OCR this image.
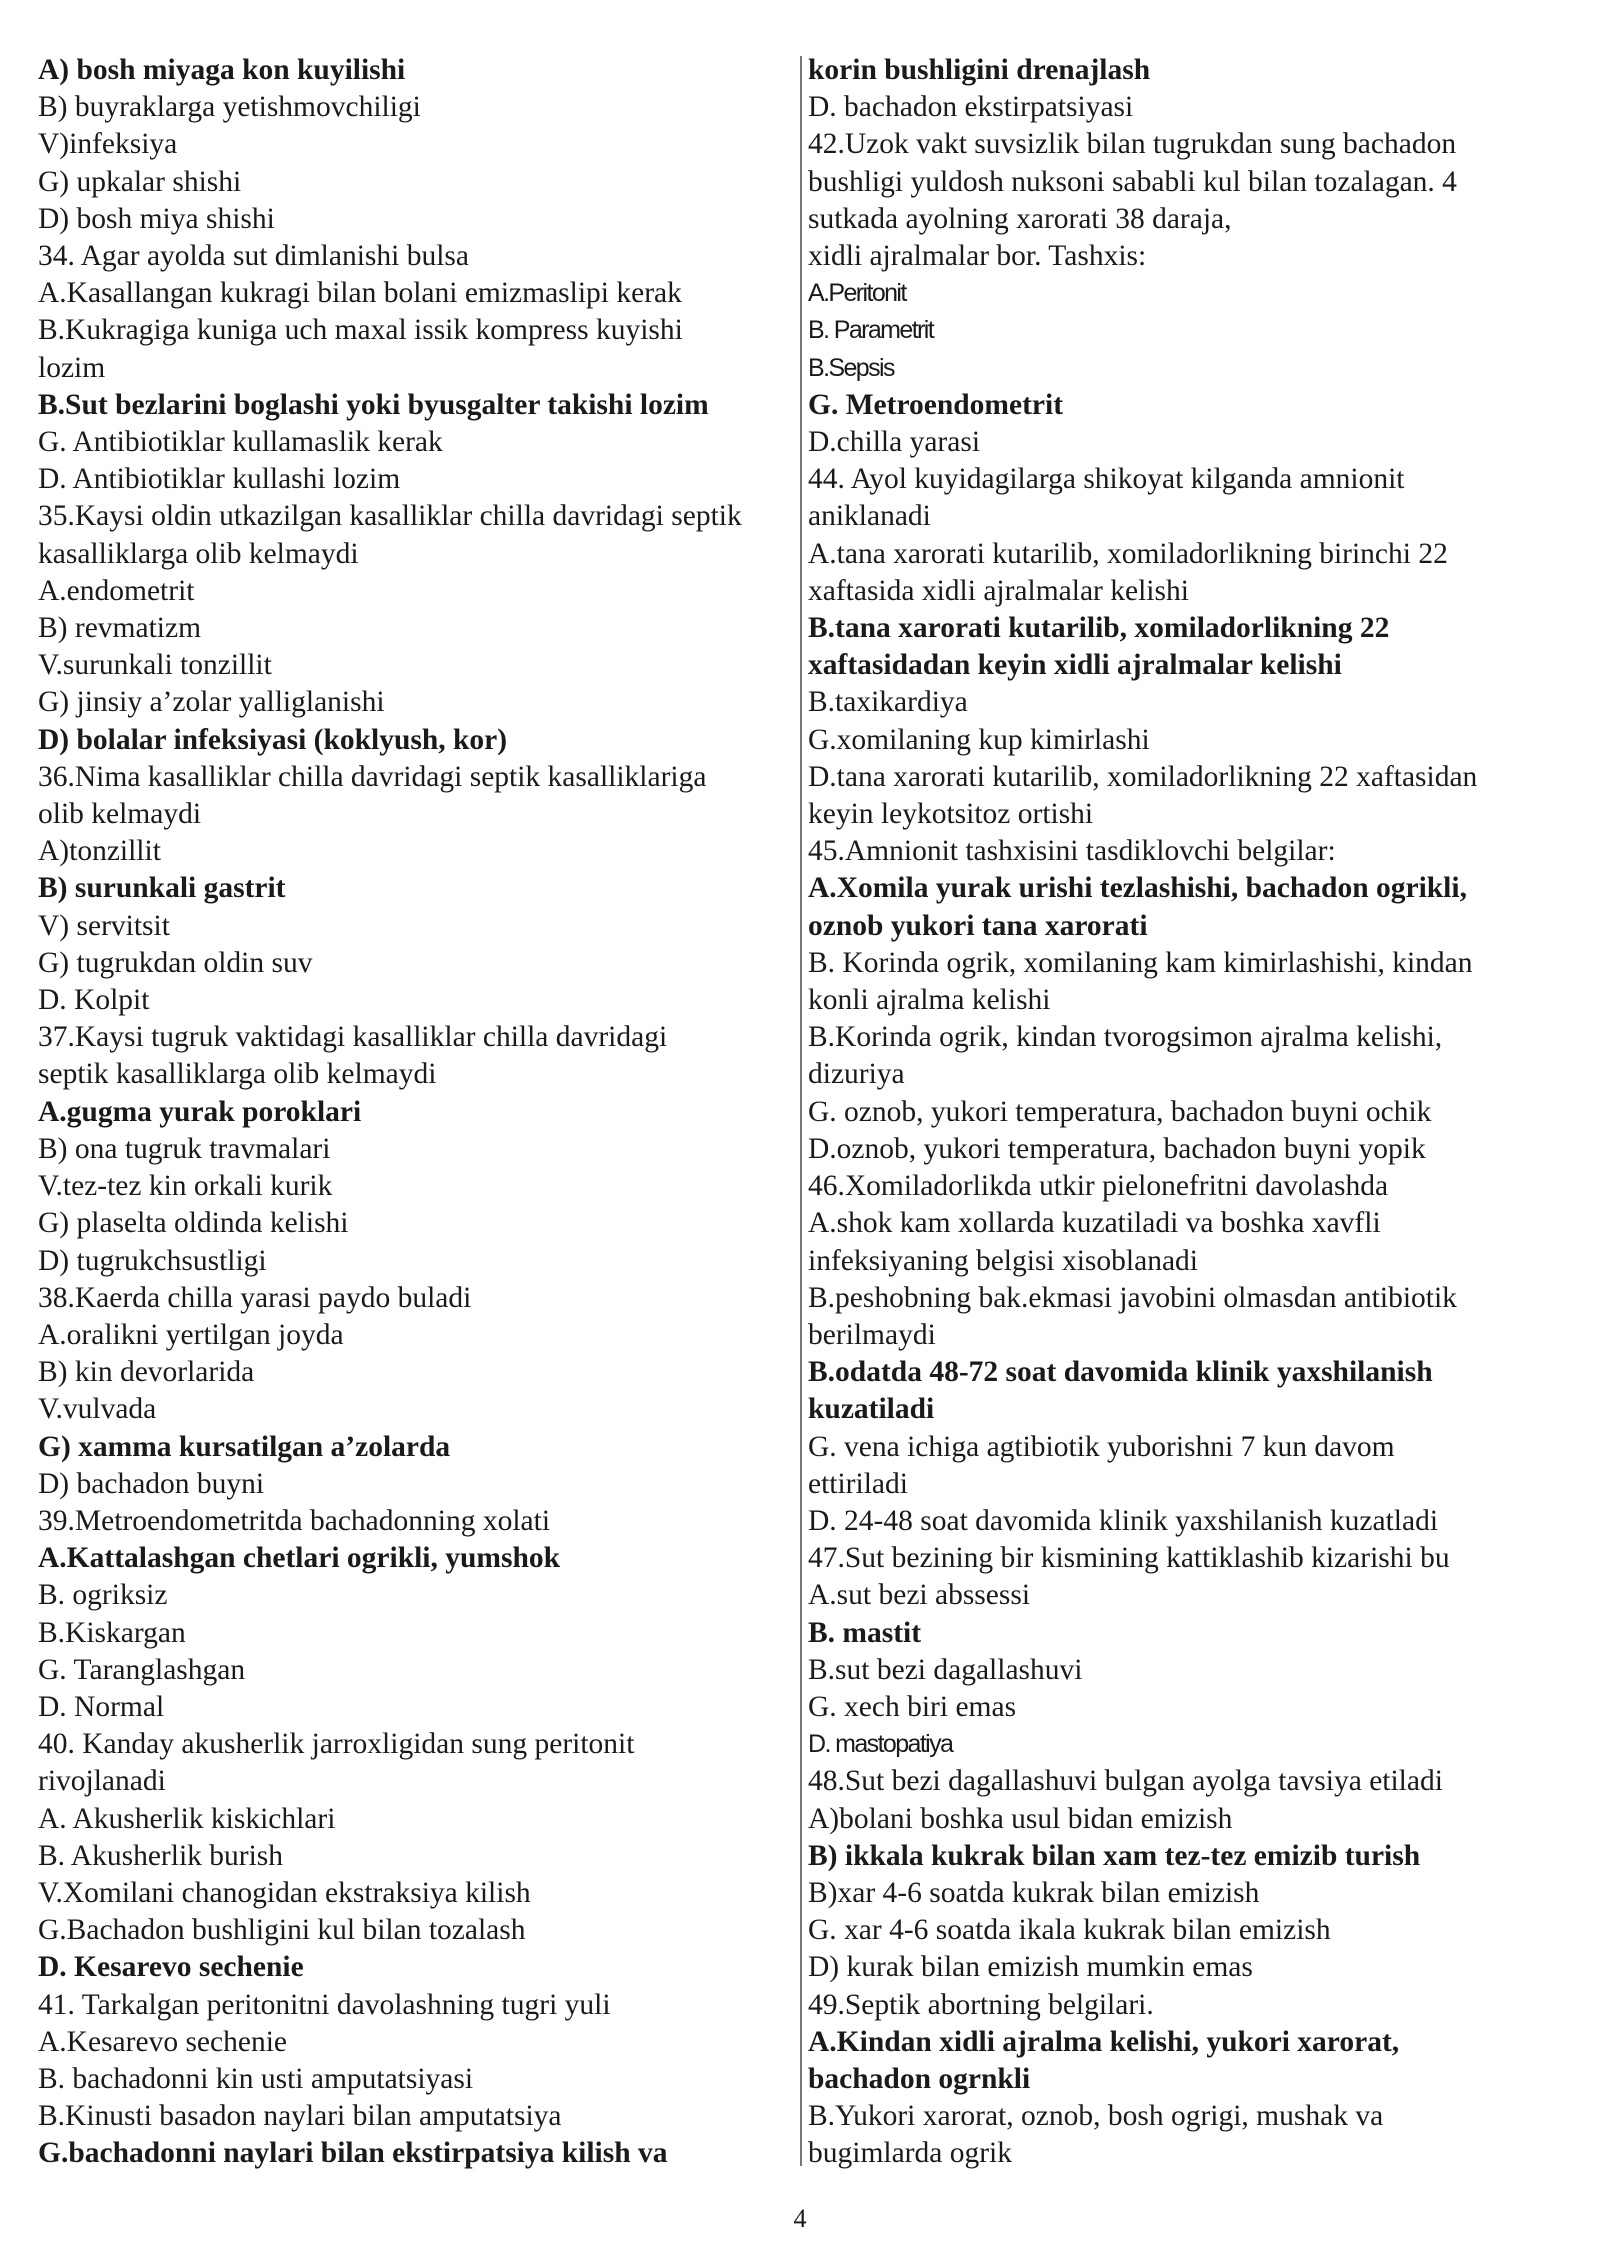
A) bosh miyaga kon kuyilishi
B) buyraklarga yetishmovchiligi
V)infeksiya
G) upkalar shishi
D) bosh miya shishi
34. Agar ayolda sut dimlanishi bulsa
A.Kasallangan kukragi bilan bolani emizmaslipi kerak
B.Kukragiga kuniga uch maxal issik kompress kuyishi
lozim
B.Sut bezlarini boglashi yoki byusgalter takishi lozim
G. Antibiotiklar kullamaslik kerak
D. Antibiotiklar kullashi lozim
35.Kaysi oldin utkazilgan kasalliklar chilla davridagi septik
kasalliklarga olib kelmaydi
A.endometrit
B) revmatizm
V.surunkali tonzillit
G) jinsiy a’zolar yalliglanishi
D) bolalar infeksiyasi (koklyush, kor)
36.Nima kasalliklar chilla davridagi septik kasalliklariga
olib kelmaydi
A)tonzillit
B) surunkali gastrit
V) servitsit
G) tugrukdan oldin suv
D. Kolpit
37.Kaysi tugruk vaktidagi kasalliklar chilla davridagi
septik kasalliklarga olib kelmaydi
A.gugma yurak poroklari
B) ona tugruk travmalari
V.tez-tez kin orkali kurik
G) plaselta oldinda kelishi
D) tugrukchsustligi
38.Kaerda chilla yarasi paydo buladi
A.oralikni yertilgan joyda
B) kin devorlarida
V.vulvada
G) xamma kursatilgan a’zolarda
D) bachadon buyni
39.Metroendometritda bachadonning xolati
A.Kattalashgan chetlari ogrikli, yumshok
B. ogriksiz
B.Kiskargan
G. Taranglashgan
D. Normal
40. Kanday akusherlik jarroxligidan sung peritonit
rivojlanadi
A. Akusherlik kiskichlari
B. Akusherlik burish
V.Xomilani chanogidan ekstraksiya kilish
G.Bachadon bushligini kul bilan tozalash
D. Kesarevo sechenie
41. Tarkalgan peritonitni davolashning tugri yuli
A.Kesarevo sechenie
B. bachadonni kin usti amputatsiyasi
B.Kinusti basadon naylari bilan amputatsiya
G.bachadonni naylari bilan ekstirpatsiya kilish va
korin bushligini drenajlash
D. bachadon ekstirpatsiyasi
42.Uzok vakt suvsizlik bilan tugrukdan sung bachadon
bushligi yuldosh nuksoni sababli kul bilan tozalagan. 4
sutkada ayolning xarorati 38 daraja,
xidli ajralmalar bor. Tashxis:
A.Peritonit
B. Parametrit
B.Sepsis
G. Metroendometrit
D.chilla yarasi
44. Ayol kuyidagilarga shikoyat kilganda amnionit
aniklanadi
A.tana xarorati kutarilib, xomiladorlikning birinchi 22
xaftasida xidli ajralmalar kelishi
B.tana xarorati kutarilib, xomiladorlikning 22
xaftasidadan keyin xidli ajralmalar kelishi
B.taxikardiya
G.xomilaning kup kimirlashi
D.tana xarorati kutarilib, xomiladorlikning 22 xaftasidan
keyin leykotsitoz ortishi
45.Amnionit tashxisini tasdiklovchi belgilar:
A.Xomila yurak urishi tezlashishi, bachadon ogrikli,
oznob yukori tana xarorati
B. Korinda ogrik, xomilaning kam kimirlashishi, kindan
konli ajralma kelishi
B.Korinda ogrik, kindan tvorogsimon ajralma kelishi,
dizuriya
G. oznob, yukori temperatura, bachadon buyni ochik
D.oznob, yukori temperatura, bachadon buyni yopik
46.Xomiladorlikda utkir pielonefritni davolashda
A.shok kam xollarda kuzatiladi va boshka xavfli
infeksiyaning belgisi xisoblanadi
B.peshobning bak.ekmasi javobini olmasdan antibiotik
berilmaydi
B.odatda 48-72 soat davomida klinik yaxshilanish
kuzatiladi
G. vena ichiga agtibiotik yuborishni 7 kun davom
ettiriladi
D. 24-48 soat davomida klinik yaxshilanish kuzatladi
47.Sut bezining bir kismining kattiklashib kizarishi bu
A.sut bezi abssessi
B. mastit
B.sut bezi dagallashuvi
G. xech biri emas
D. mastopatiya
48.Sut bezi dagallashuvi bulgan ayolga tavsiya etiladi
A)bolani boshka usul bidan emizish
B) ikkala kukrak bilan xam tez-tez emizib turish
B)xar 4-6 soatda kukrak bilan emizish
G. xar 4-6 soatda ikala kukrak bilan emizish
D) kurak bilan emizish mumkin emas
49.Septik abortning belgilari.
A.Kindan xidli ajralma kelishi, yukori xarorat,
bachadon ogrnkli
B.Yukori xarorat, oznob, bosh ogrigi, mushak va
bugimlarda ogrik
4
